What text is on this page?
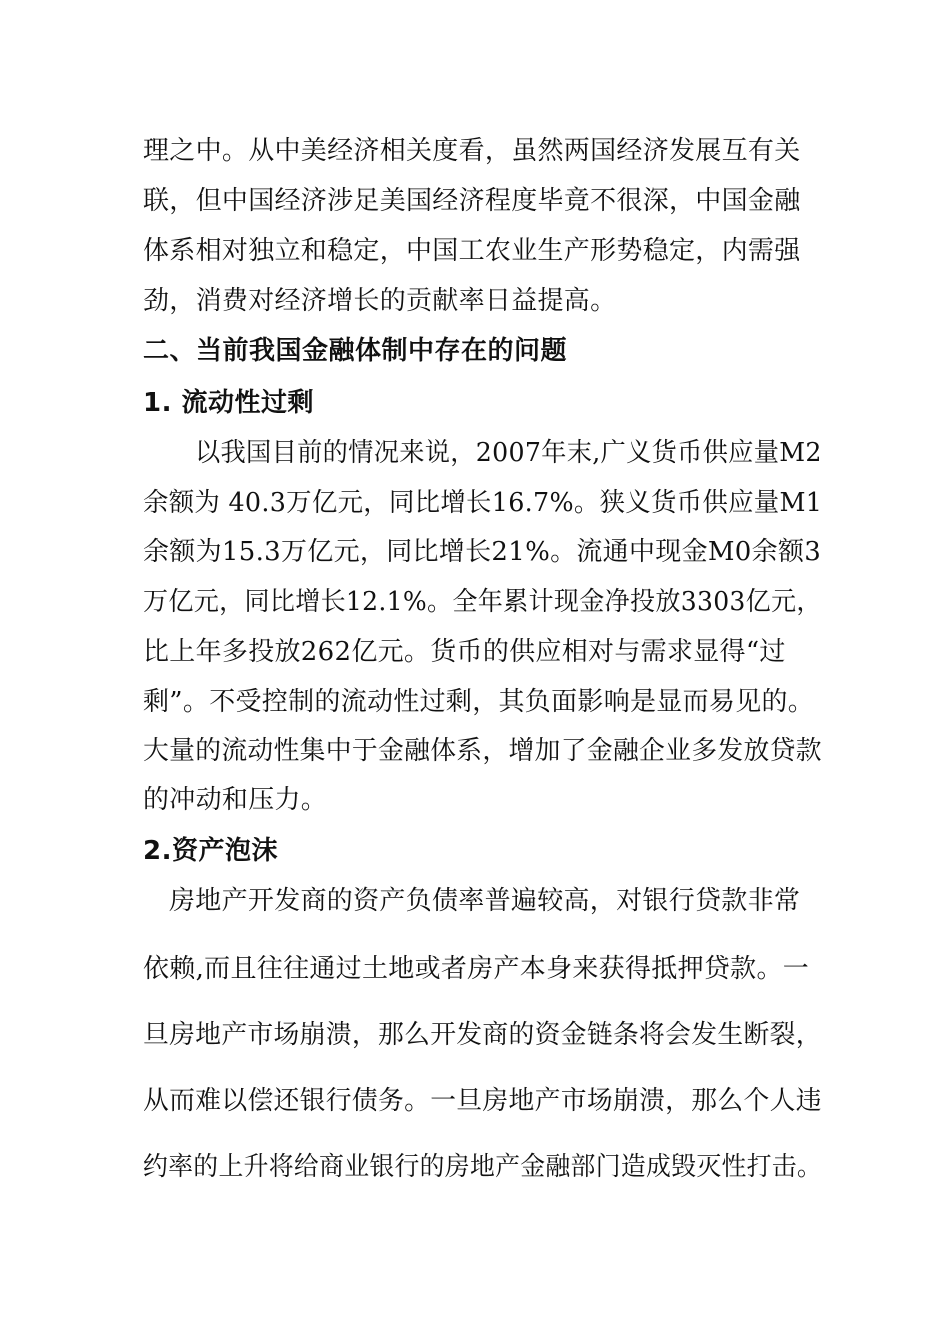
理之中。从中美经济相关度看，虽然两国经济发展互有关
联，但中国经济涉足美国经济程度毕竟不很深，中国金融
体系相对独立和稳定，中国工农业生产形势稳定，内需强
劲，消费对经济增长的贡献率日益提高。
二、当前我国金融体制中存在的问题
1. 流动性过剩
以我国目前的情况来说，2007年末,广义货币供应量M2
余额为 40.3万亿元，同比增长16.7%。狭义货币供应量M1
余额为15.3万亿元，同比增长21%。流通中现金M0余额3
万亿元，同比增长12.1%。全年累计现金净投放3303亿元，
比上年多投放262亿元。货币的供应相对与需求显得“过
剩”。不受控制的流动性过剩，其负面影响是显而易见的。
大量的流动性集中于金融体系，增加了金融企业多发放贷款
的冲动和压力。
2.资产泡沫
房地产开发商的资产负债率普遍较高，对银行贷款非常
依赖,而且往往通过土地或者房产本身来获得抵押贷款。一
旦房地产市场崩溃，那么开发商的资金链条将会发生断裂，
从而难以偿还银行债务。一旦房地产市场崩溃，那么个人违
约率的上升将给商业银行的房地产金融部门造成毁灭性打击。
